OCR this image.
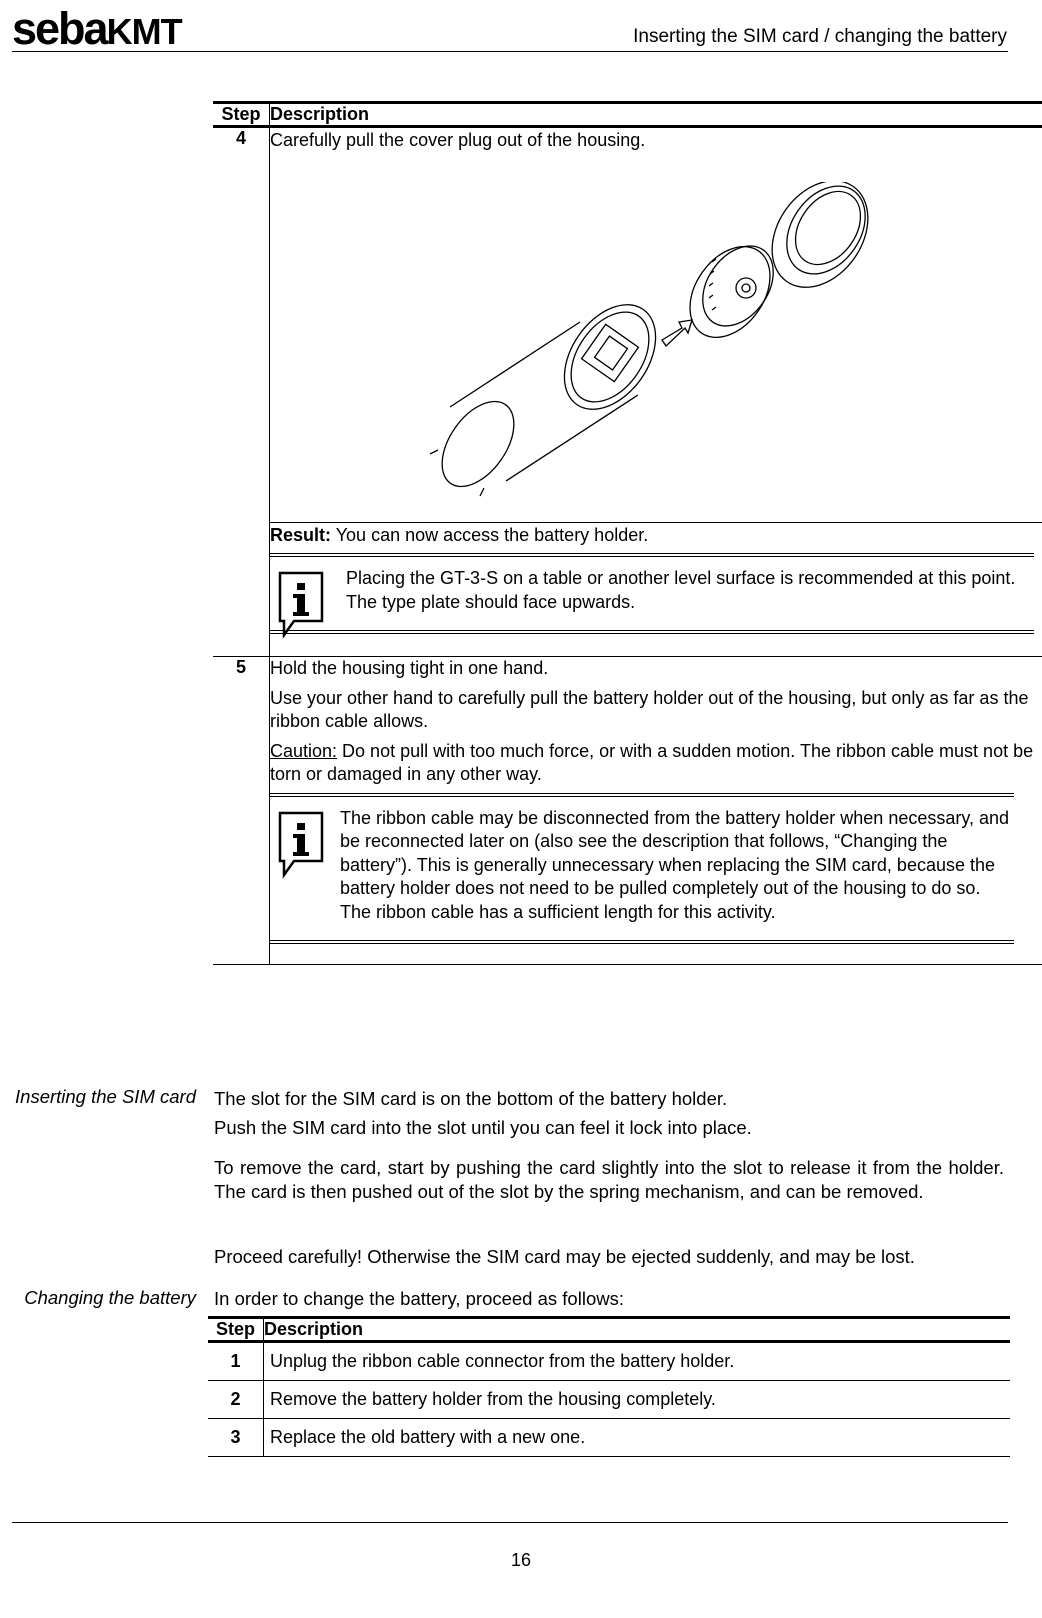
sebaKMT	Inserting the SIM card / changing the battery
Step	Description
4	Carefully pull the cover plug out of the housing.

	Result: You can now access the battery holder.
Placing the GT-3-S on a table or another level surface is recommended at this point. The type plate should face upwards.

5	Hold the housing tight in one hand.

Use your other hand to carefully pull the battery holder out of the housing, but only as far as the ribbon cable allows.

Caution: Do not pull with too much force, or with a sudden motion. The ribbon cable must not be torn or damaged in any other way.

The ribbon cable may be disconnected from the battery holder when necessary, and be reconnected later on (also see the description that follows, “Changing the battery”). This is generally unnecessary when replacing the SIM card, because the battery holder does not need to be pulled completely out of the housing to do so. The ribbon cable has a sufficient length for this activity.
Inserting the SIM card The slot for the SIM card is on the bottom of the battery holder.
Push the SIM card into the slot until you can feel it lock into place.
To remove the card, start by pushing the card slightly into the slot to release it from the holder. The card is then pushed out of the slot by the spring mechanism, and can be removed.
Proceed carefully! Otherwise the SIM card may be ejected suddenly, and may be lost.
Changing the battery In order to change the battery, proceed as follows:
Step	Description
1	Unplug the ribbon cable connector from the battery holder.
2	Remove the battery holder from the housing completely.
3	Replace the old battery with a new one.
16
